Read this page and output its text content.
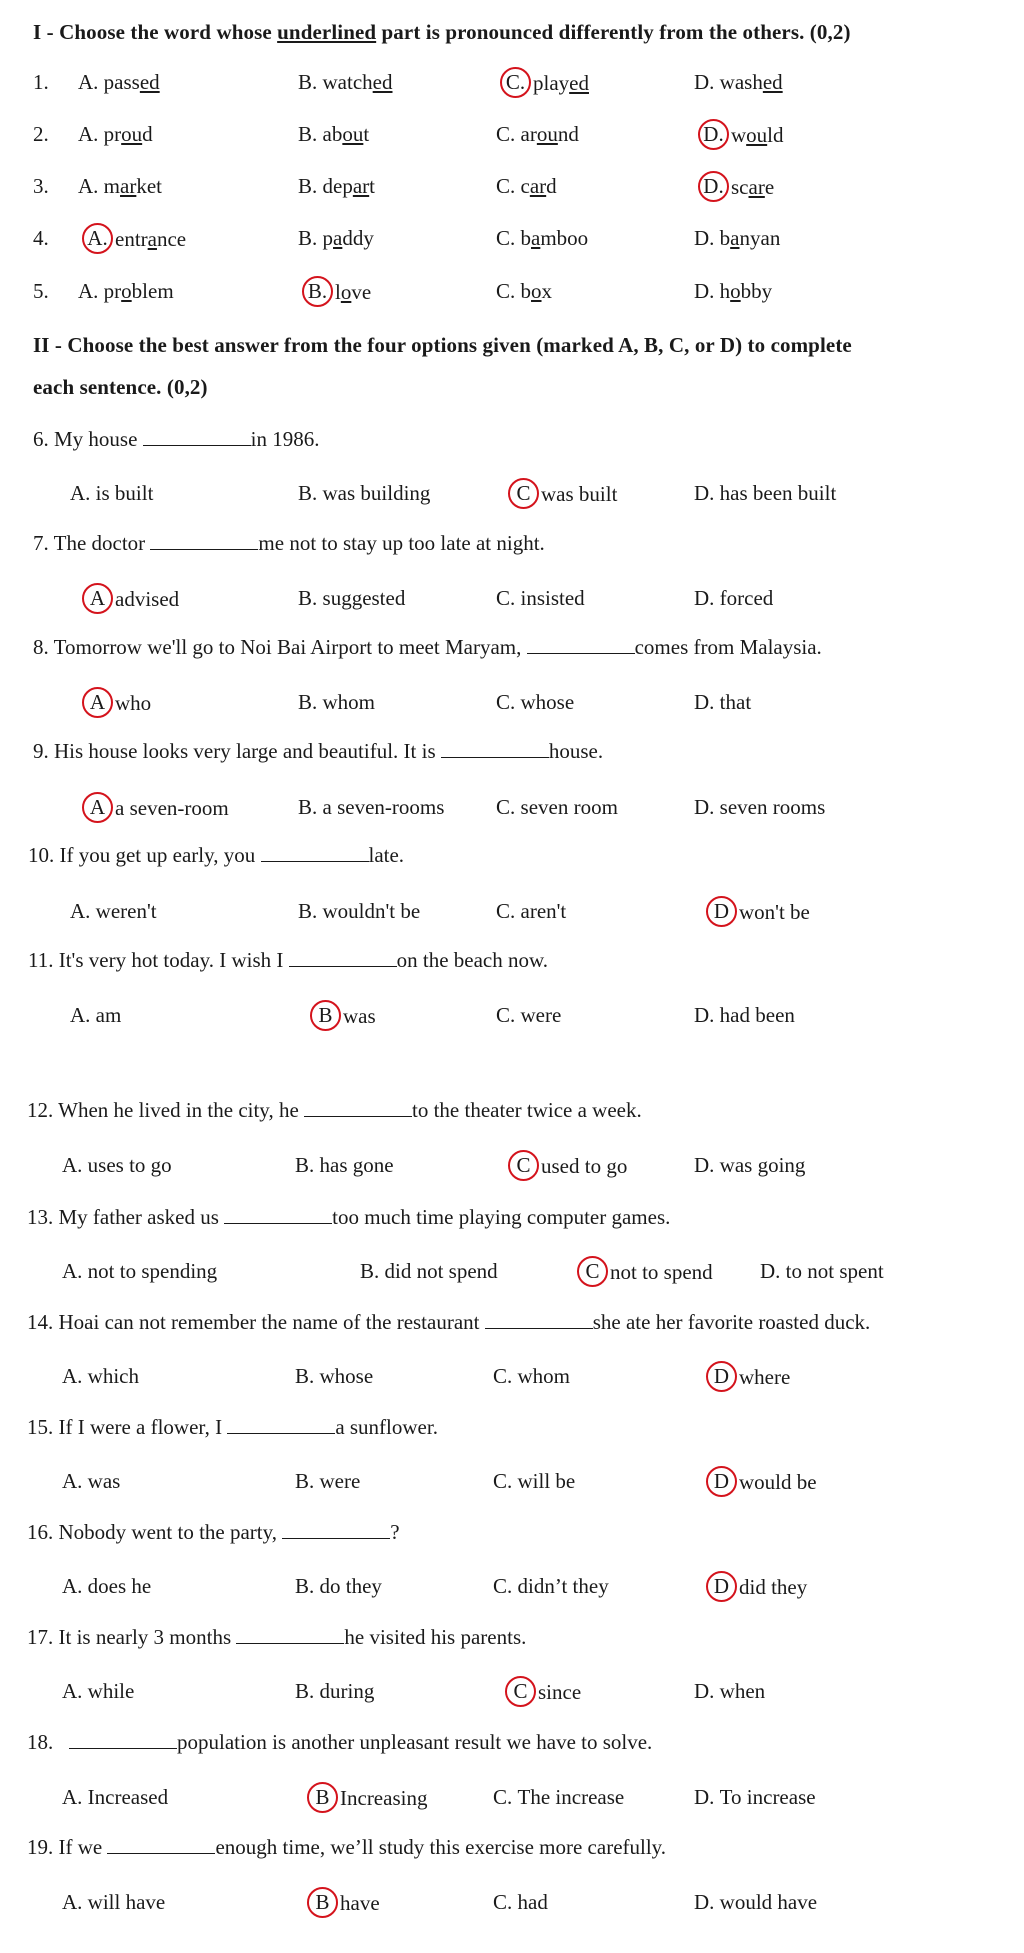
I - Choose the word whose underlined part is pronounced differently from the others. (0,2)
1. A. passed	B. watched	C. played	D. washed
2. A. proud	B. about	C. around	D. would
3. A. market	B. depart	C. card	D. scare
4. A. entrance	B. paddy	C. bamboo	D. banyan
5. A. problem	B. love	C. box	D. hobby
II - Choose the best answer from the four options given (marked A, B, C, or D) to complete
each sentence. (0,2)
6. My house	in 1986.
A. is built	B. was building	C was built	D. has been built
7. The doctor	me not to stay up too late at night.
A advised	B. suggested	C. insisted	D. forced
8. Tomorrow we'll go to Noi Bai Airport to meet Maryam,	comes from Malaysia.
A who	B. whom	C. whose	D. that
9. His house looks very large and beautiful. It is	house.
A a seven-room	B. a seven-rooms C. seven room	D. seven rooms
10. If you get up early, you	late.
A. weren't	B. wouldn't be	C. aren't	D won't be
11. It's very hot today. I wish I	on the beach now.
A. am	B was	C. were	D. had been
12. When he lived in the city, he	to the theater twice a week.
A. uses to go	B. has gone	C used to go	D. was going
13. My father asked us	too much time playing computer games.
A. not to spending	B. did not spend	C not to spend D. to not spent
14. Hoai can not remember the name of the restaurant	she ate her favorite roasted duck.
A. which	B. whose	C. whom	D where
15. If I were a flower, I	a sunflower.
A. was	B. were	C. will be	D would be
16. Nobody went to the party,	?
A. does he	B. do they	C. didn’t they	D did they
17. It is nearly 3 months	he visited his parents.
A. while	B. during	C since	D. when
18.	population is another unpleasant result we have to solve.
A. Increased	B Increasing	C. The increase	D. To increase
19. If we	enough time, we’ll study this exercise more carefully.
A. will have	B have	C. had	D. would have
